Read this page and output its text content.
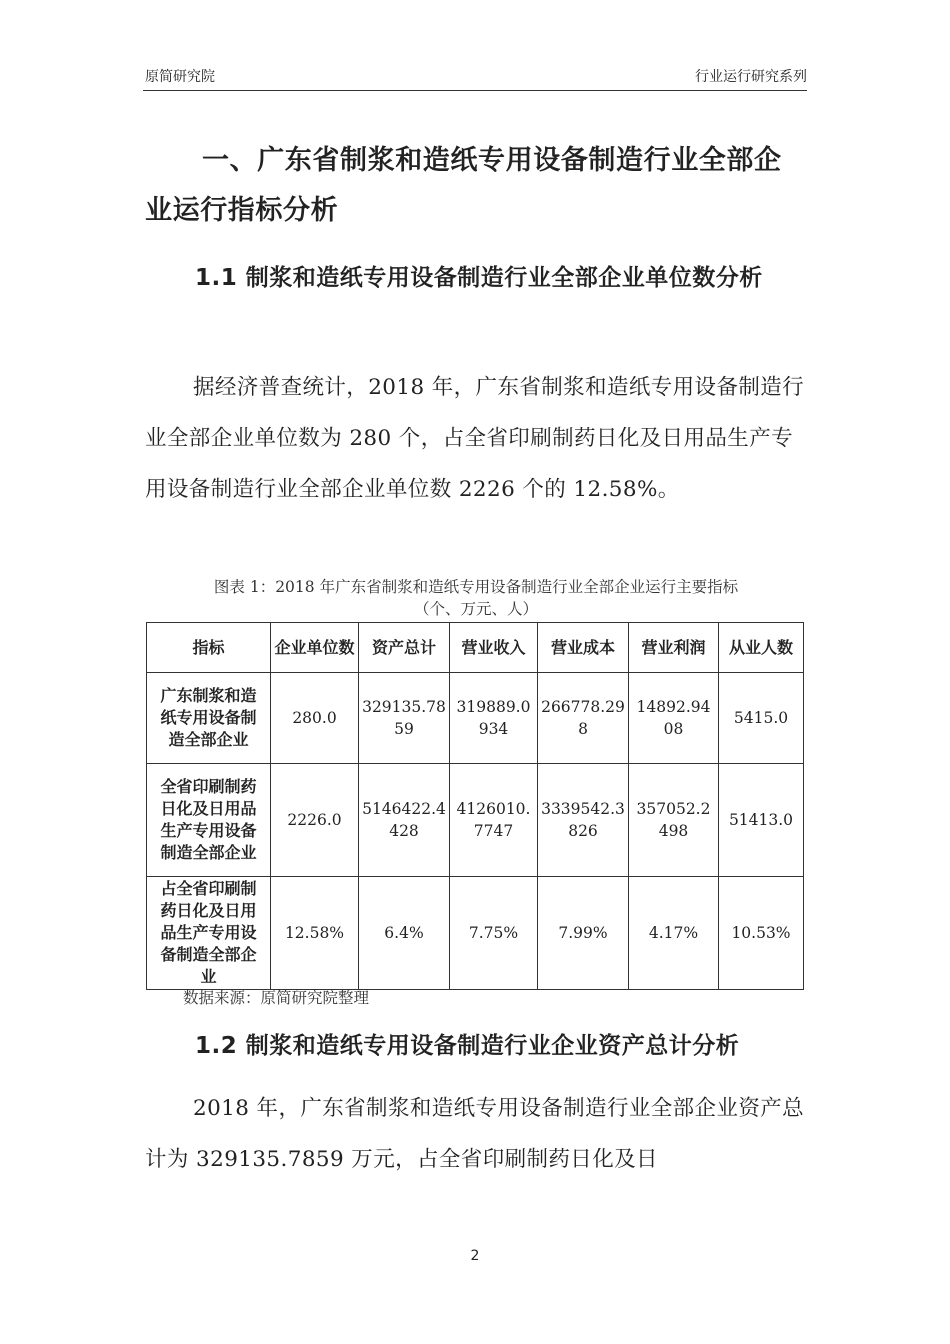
原简研究院	行业运行研究系列
一、广东省制浆和造纸专用设备制造行业全部企业运行指标分析
1.1 制浆和造纸专用设备制造行业全部企业单位数分析
据经济普查统计，2018 年，广东省制浆和造纸专用设备制造行业全部企业单位数为 280 个，占全省印刷制药日化及日用品生产专用设备制造行业全部企业单位数 2226 个的 12.58%。
图表 1：2018 年广东省制浆和造纸专用设备制造行业全部企业运行主要指标
（个、万元、人）
指标	企业单位数	资产总计	营业收入	营业成本	营业利润	从业人数
广东制浆和造纸专用设备制造全部企业	280.0	329135.7859	319889.0934	266778.298	14892.9408	5415.0
全省印刷制药日化及日用品生产专用设备制造全部企业	2226.0	5146422.4428	4126010.7747	3339542.3826	357052.2498	51413.0
占全省印刷制药日化及日用品生产专用设备制造全部企业	12.58%	6.4%	7.75%	7.99%	4.17%	10.53%
数据来源：原简研究院整理
1.2 制浆和造纸专用设备制造行业企业资产总计分析
2018 年，广东省制浆和造纸专用设备制造行业全部企业资产总计为 329135.7859 万元，占全省印刷制药日化及日
2
